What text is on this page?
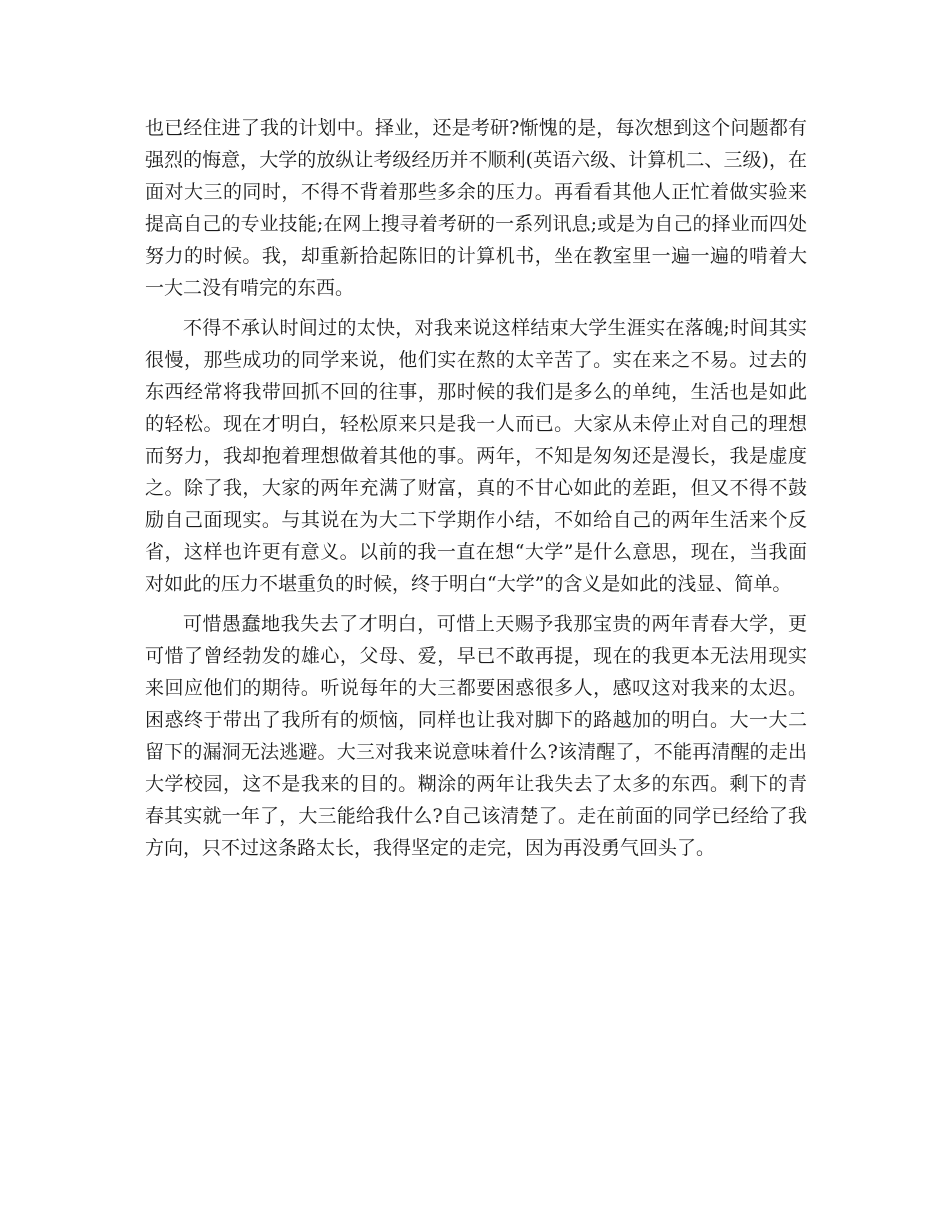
也已经住进了我的计划中。择业，还是考研?惭愧的是，每次想到这个问题都有强烈的悔意，大学的放纵让考级经历并不顺利(英语六级、计算机二、三级)，在面对大三的同时，不得不背着那些多余的压力。再看看其他人正忙着做实验来提高自己的专业技能;在网上搜寻着考研的一系列讯息;或是为自己的择业而四处努力的时候。我，却重新拾起陈旧的计算机书，坐在教室里一遍一遍的啃着大一大二没有啃完的东西。

不得不承认时间过的太快，对我来说这样结束大学生涯实在落魄;时间其实很慢，那些成功的同学来说，他们实在熬的太辛苦了。实在来之不易。过去的东西经常将我带回抓不回的往事，那时候的我们是多么的单纯，生活也是如此的轻松。现在才明白，轻松原来只是我一人而已。大家从未停止对自己的理想而努力，我却抱着理想做着其他的事。两年，不知是匆匆还是漫长，我是虚度之。除了我，大家的两年充满了财富，真的不甘心如此的差距，但又不得不鼓励自己面现实。与其说在为大二下学期作小结，不如给自己的两年生活来个反省，这样也许更有意义。以前的我一直在想“大学”是什么意思，现在，当我面对如此的压力不堪重负的时候，终于明白“大学”的含义是如此的浅显、简单。

可惜愚蠢地我失去了才明白，可惜上天赐予我那宝贵的两年青春大学，更可惜了曾经勃发的雄心，父母、爱，早已不敢再提，现在的我更本无法用现实来回应他们的期待。听说每年的大三都要困惑很多人，感叹这对我来的太迟。困惑终于带出了我所有的烦恼，同样也让我对脚下的路越加的明白。大一大二留下的漏洞无法逃避。大三对我来说意味着什么?该清醒了，不能再清醒的走出大学校园，这不是我来的目的。糊涂的两年让我失去了太多的东西。剩下的青春其实就一年了，大三能给我什么?自己该清楚了。走在前面的同学已经给了我方向，只不过这条路太长，我得坚定的走完，因为再没勇气回头了。
